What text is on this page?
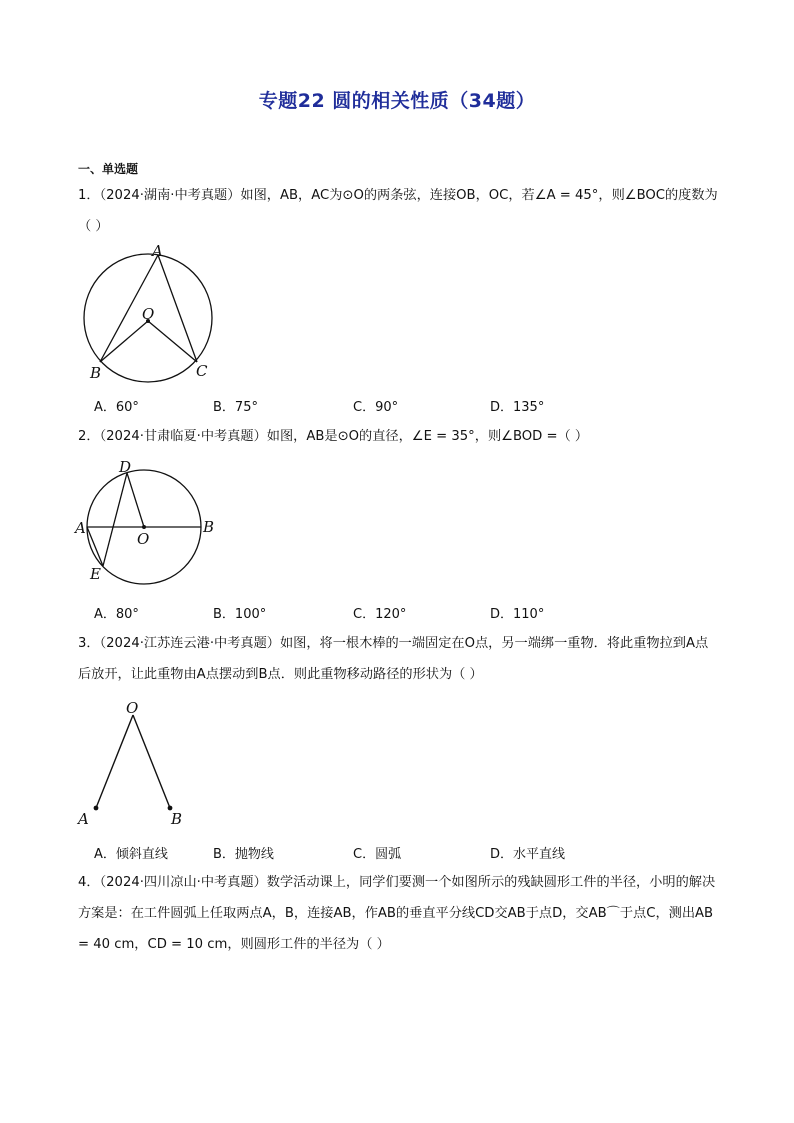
专题22 圆的相关性质（34题）
一、单选题
1．（2024·湖南·中考真题）如图，AB，AC为⊙O的两条弦，连接OB，OC，若∠A = 45°，则∠BOC的度数为（ ）
A
O
B	C
A．60°	B．75°	C．90°	D．135°
2．（2024·甘肃临夏·中考真题）如图，AB是⊙O的直径，∠E = 35°，则∠BOD =（ ）
D
A
O
B
E
A．80°	B．100°	C．120°	D．110°
3．（2024·江苏连云港·中考真题）如图，将一根木棒的一端固定在O点，另一端绑一重物．将此重物拉到A点后放开，让此重物由A点摆动到B点．则此重物移动路径的形状为（ ）
O
A	B
A．倾斜直线	B．抛物线	C．圆弧	D．水平直线
4．（2024·四川凉山·中考真题）数学活动课上，同学们要测一个如图所示的残缺圆形工件的半径，小明的解决方案是：在工件圆弧上任取两点A，B，连接AB，作AB的垂直平分线CD交AB于点D，交AB⌒于点C，测出AB = 40 cm，CD = 10 cm，则圆形工件的半径为（ ）
